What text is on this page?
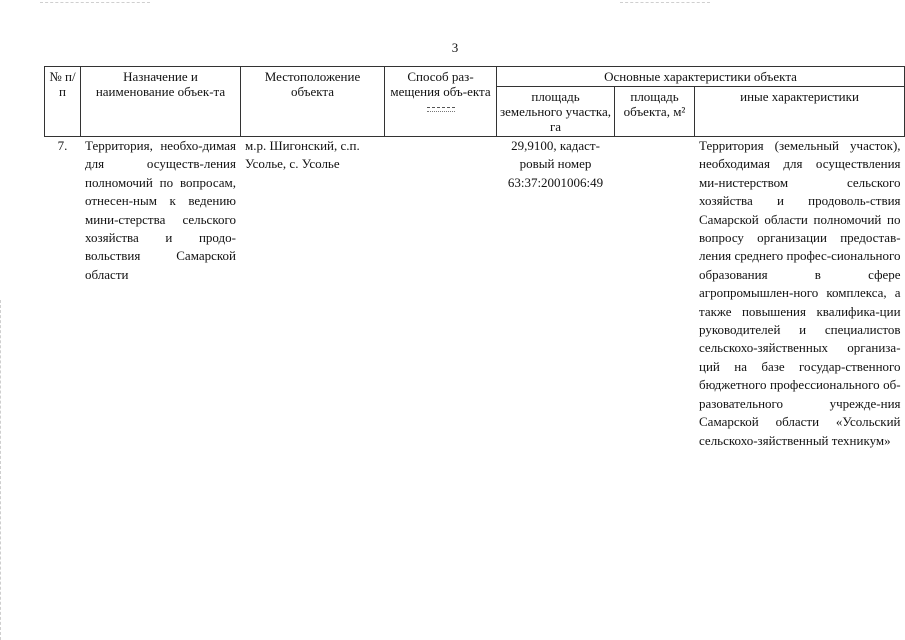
3
№ п/п	Назначение и наименование объек-та	Местоположение объекта	Способ раз-мещения объ-екта	Основные характеристики объекта		
				площадь земельного участка, га	площадь объекта, м²	иные характеристики
7.	Территория, необхо-димая для осуществ-ления полномочий по вопросам, отнесен-ным к ведению мини-стерства сельского хозяйства и продо-вольствия Самарской области	м.р. Шигонский, с.п. Усолье, с. Усолье		29,9100, кадаст-ровый номер 63:37:2001006:49		Территория (земельный участок), необходимая для осуществления ми-нистерством сельского хозяйства и продоволь-ствия Самарской области полномочий по вопросу организации предостав-ления среднего профес-сионального образования в сфере агропромышлен-ного комплекса, а также повышения квалифика-ции руководителей и специалистов сельскохо-зяйственных организа-ций на базе государ-ственного бюджетного профессионального об-разовательного учрежде-ния Самарской области «Усольский сельскохо-зяйственный техникум»
